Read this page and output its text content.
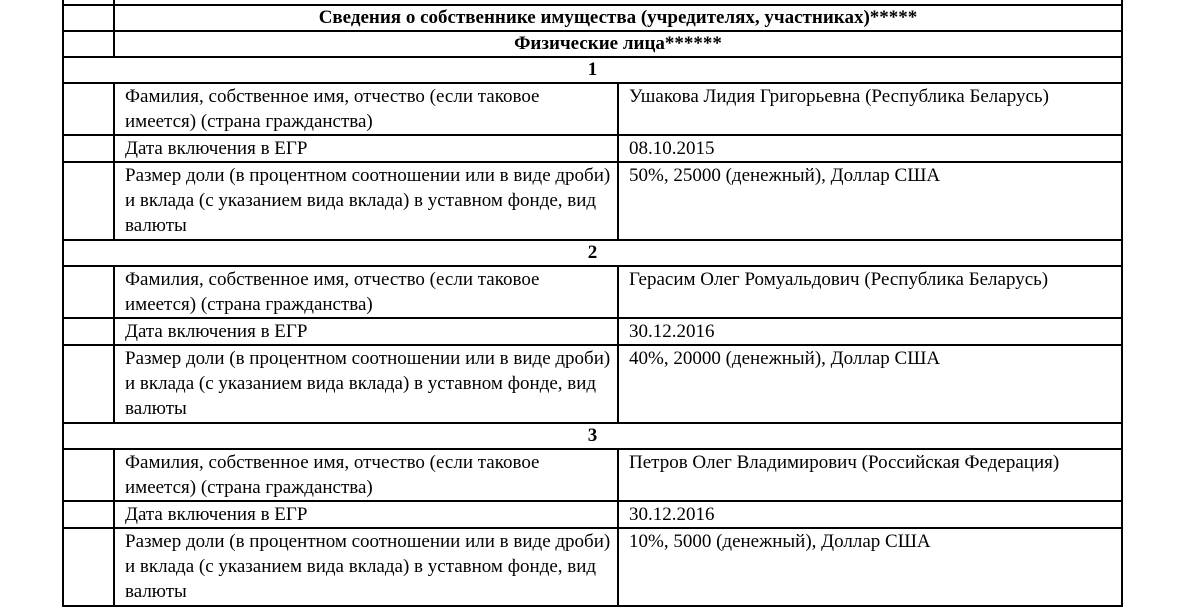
	Сведения о собственнике имущества (учредителях, участниках)*****	
	Физические лица******	
1		
	Фамилия, собственное имя, отчество (если таковое имеется) (страна гражданства)	Ушакова Лидия Григорьевна (Республика Беларусь)
	Дата включения в ЕГР	08.10.2015
	Размер доли (в процентном соотношении или в виде дроби) и вклада (с указанием вида вклада) в уставном фонде, вид валюты	50%, 25000 (денежный), Доллар США
2		
	Фамилия, собственное имя, отчество (если таковое имеется) (страна гражданства)	Герасим Олег Ромуальдович (Республика Беларусь)
	Дата включения в ЕГР	30.12.2016
	Размер доли (в процентном соотношении или в виде дроби) и вклада (с указанием вида вклада) в уставном фонде, вид валюты	40%, 20000 (денежный), Доллар США
3		
	Фамилия, собственное имя, отчество (если таковое имеется) (страна гражданства)	Петров Олег Владимирович (Российская Федерация)
	Дата включения в ЕГР	30.12.2016
	Размер доли (в процентном соотношении или в виде дроби) и вклада (с указанием вида вклада) в уставном фонде, вид валюты	10%, 5000 (денежный), Доллар США
